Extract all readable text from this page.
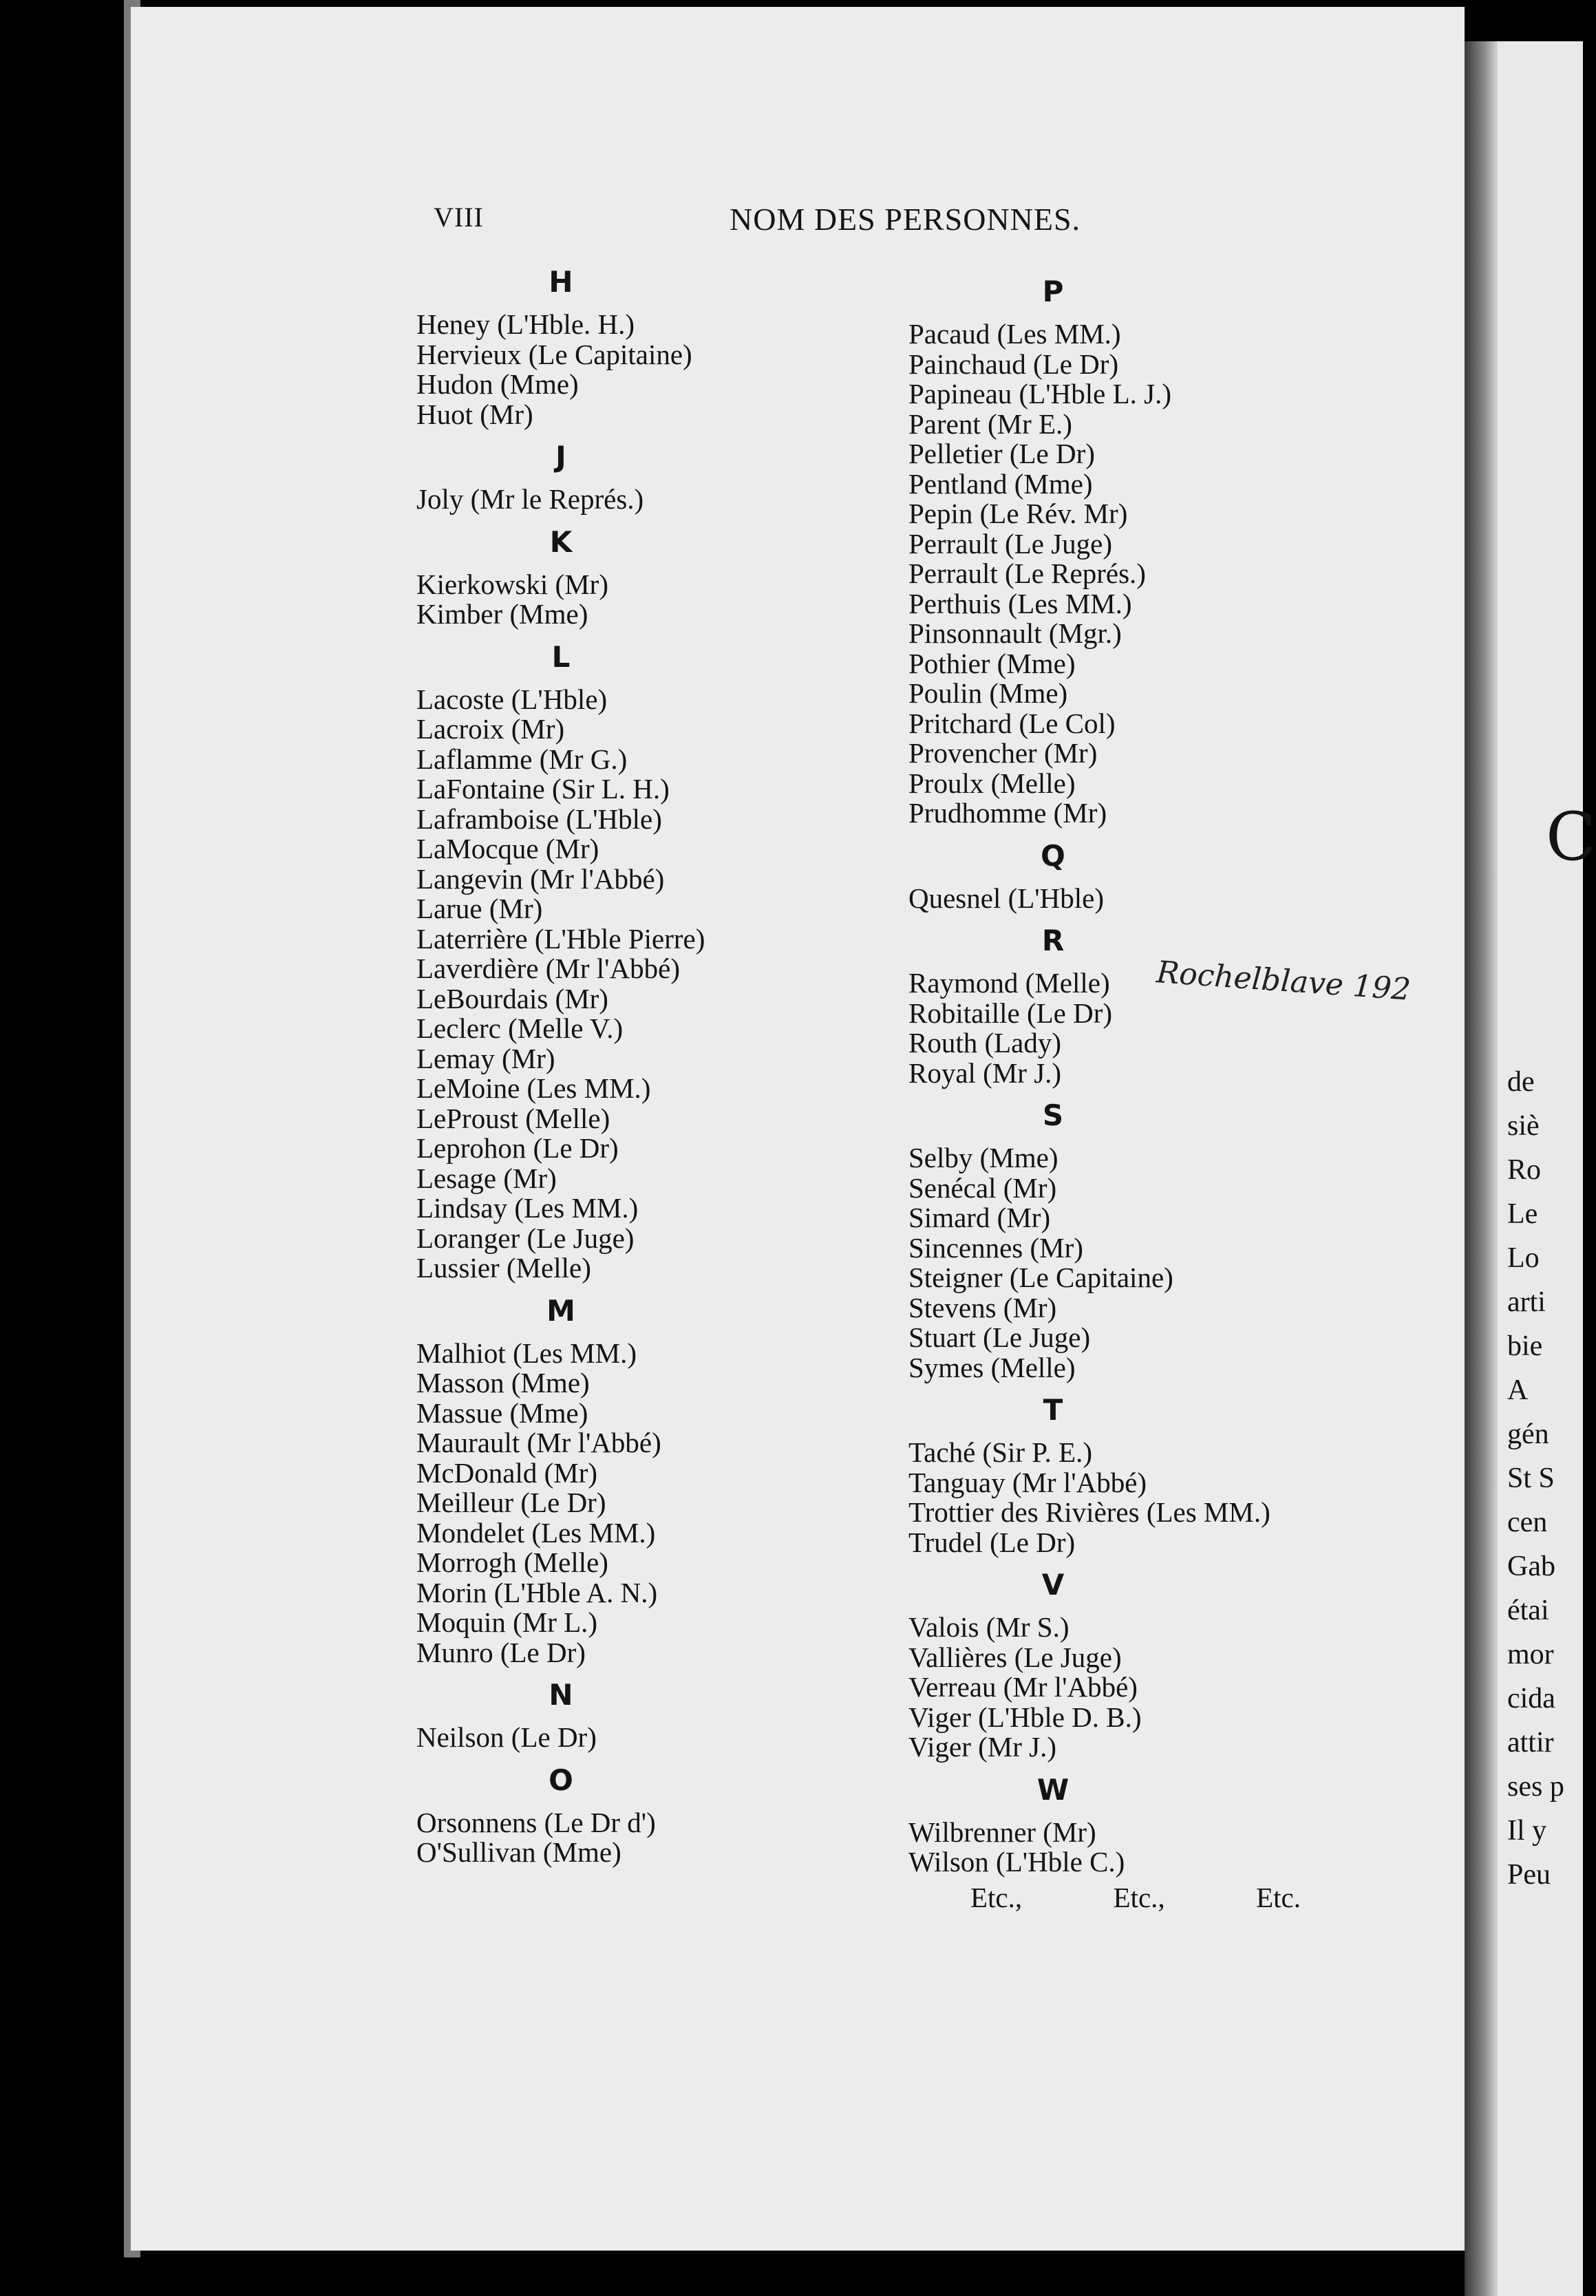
VIII	NOM DES PERSONNES.
H
Heney (L'Hble. H.)
Hervieux (Le Capitaine)
Hudon (Mme)
Huot (Mr)
J
Joly (Mr le Représ.)
K
Kierkowski (Mr)
Kimber (Mme)
L
Lacoste (L'Hble)
Lacroix (Mr)
Laflamme (Mr G.)
LaFontaine (Sir L. H.)
Laframboise (L'Hble)
LaMocque (Mr)
Langevin (Mr l'Abbé)
Larue (Mr)
Laterrière (L'Hble Pierre)
Laverdière (Mr l'Abbé)
LeBourdais (Mr)
Leclerc (Melle V.)
Lemay (Mr)
LeMoine (Les MM.)
LeProust (Melle)
Leprohon (Le Dr)
Lesage (Mr)
Lindsay (Les MM.)
Loranger (Le Juge)
Lussier (Melle)
M
Malhiot (Les MM.)
Masson (Mme)
Massue (Mme)
Maurault (Mr l'Abbé)
McDonald (Mr)
Meilleur (Le Dr)
Mondelet (Les MM.)
Morrogh (Melle)
Morin (L'Hble A. N.)
Moquin (Mr L.)
Munro (Le Dr)
N
Neilson (Le Dr)
O
Orsonnens (Le Dr d')
O'Sullivan (Mme)
P
Pacaud (Les MM.)
Painchaud (Le Dr)
Papineau (L'Hble L. J.)
Parent (Mr E.)
Pelletier (Le Dr)
Pentland (Mme)
Pepin (Le Rév. Mr)
Perrault (Le Juge)
Perrault (Le Représ.)
Perthuis (Les MM.)
Pinsonnault (Mgr.)
Pothier (Mme)
Poulin (Mme)
Pritchard (Le Col)
Provencher (Mr)
Proulx (Melle)
Prudhomme (Mr)
Q
Quesnel (L'Hble)
R
Raymond (Melle)
Robitaille (Le Dr)
Routh (Lady)
Royal (Mr J.)
S
Selby (Mme)
Senécal (Mr)
Simard (Mr)
Sincennes (Mr)
Steigner (Le Capitaine)
Stevens (Mr)
Stuart (Le Juge)
Symes (Melle)
T
Taché (Sir P. E.)
Tanguay (Mr l'Abbé)
Trottier des Rivières (Les MM.)
Trudel (Le Dr)
V
Valois (Mr S.)
Vallières (Le Juge)
Verreau (Mr l'Abbé)
Viger (L'Hble D. B.)
Viger (Mr J.)
W
Wilbrenner (Mr)
Wilson (L'Hble C.)
Etc.,	Etc.,	Etc.
Rochelblave 192
C
de
siè
Ro
Le
Lo
arti
bie
A
gén
St S
cen
Gab
étai
mor
cida
attir
ses p
Il y
Peu
